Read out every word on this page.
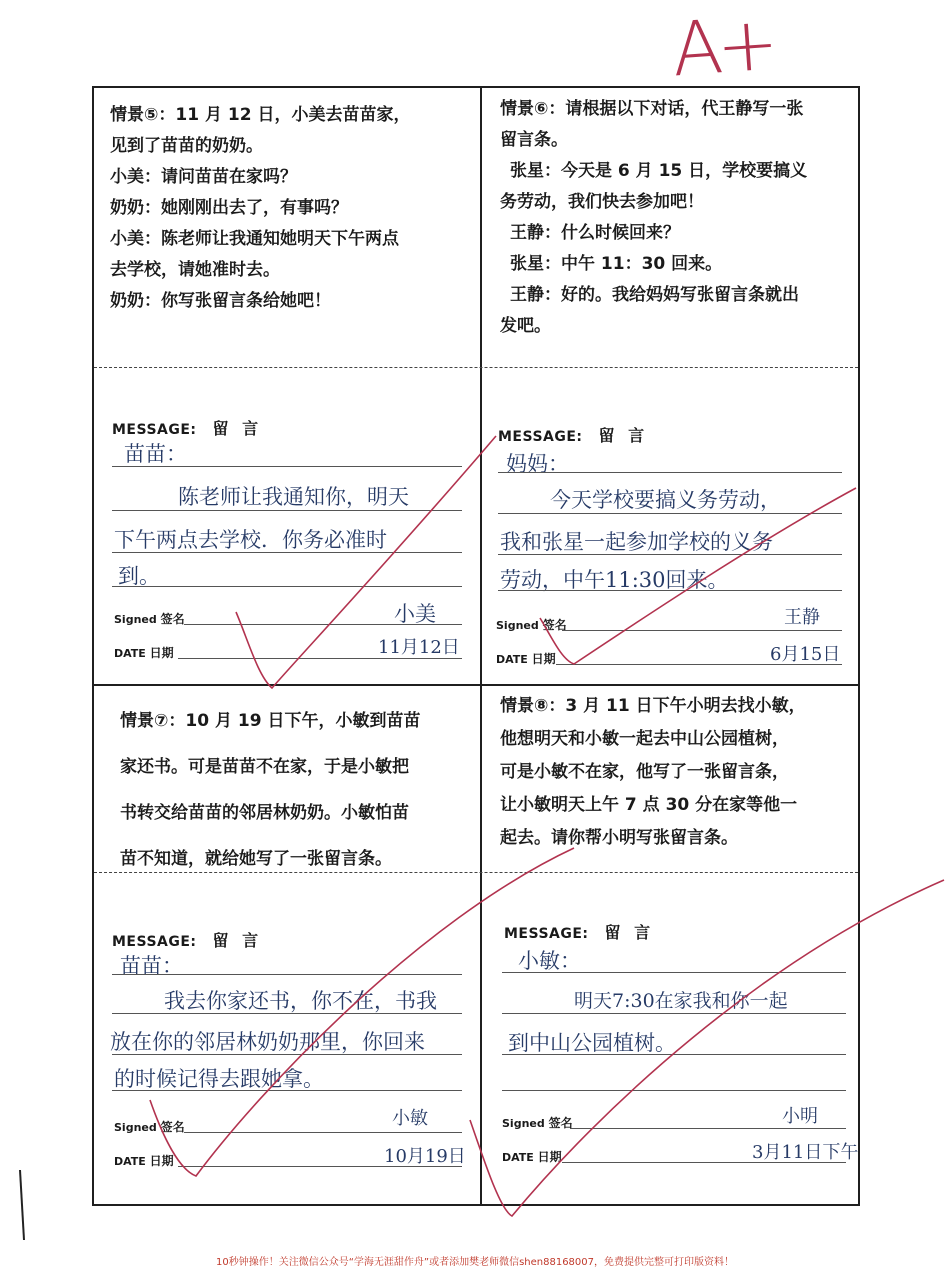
情景⑤：11 月 12 日，小美去苗苗家，

见到了苗苗的奶奶。

小美：请问苗苗在家吗？

奶奶：她刚刚出去了，有事吗？

小美：陈老师让我通知她明天下午两点

去学校，请她准时去。

奶奶：你写张留言条给她吧！

情景⑥：请根据以下对话，代王静写一张

留言条。

张星：今天是 6 月 15 日，学校要搞义

务劳动，我们快去参加吧！

王静：什么时候回来？

张星：中午 11：30 回来。

王静：好的。我给妈妈写张留言条就出

发吧。

情景⑦：10 月 19 日下午，小敏到苗苗

家还书。可是苗苗不在家，于是小敏把

书转交给苗苗的邻居林奶奶。小敏怕苗

苗不知道，就给她写了一张留言条。

情景⑧：3 月 11 日下午小明去找小敏，

他想明天和小敏一起去中山公园植树，

可是小敏不在家，他写了一张留言条，

让小敏明天上午 7 点 30 分在家等他一

起去。请你帮小明写张留言条。

MESSAGE: 留 言
苗苗：
陈老师让我通知你，明天
下午两点去学校．你务必准时
到。
Signed 签名	小美
DATE 日期	11月12日
MESSAGE: 留 言
妈妈：
今天学校要搞义务劳动，
我和张星一起参加学校的义务
劳动，中午11:30回来。
Signed 签名	王静
DATE 日期	6月15日
MESSAGE: 留 言
苗苗：
我去你家还书，你不在，书我
放在你的邻居林奶奶那里，你回来
的时候记得去跟她拿。
Signed 签名	小敏
DATE 日期	10月19日
MESSAGE: 留 言
小敏：
明天7:30在家我和你一起
到中山公园植树。
Signed 签名	小明
DATE 日期	3月11日下午
A+
10秒钟操作！关注微信公众号“学海无涯甜作舟”或者添加樊老师微信shen88168007，免费提供完整可打印版资料！
